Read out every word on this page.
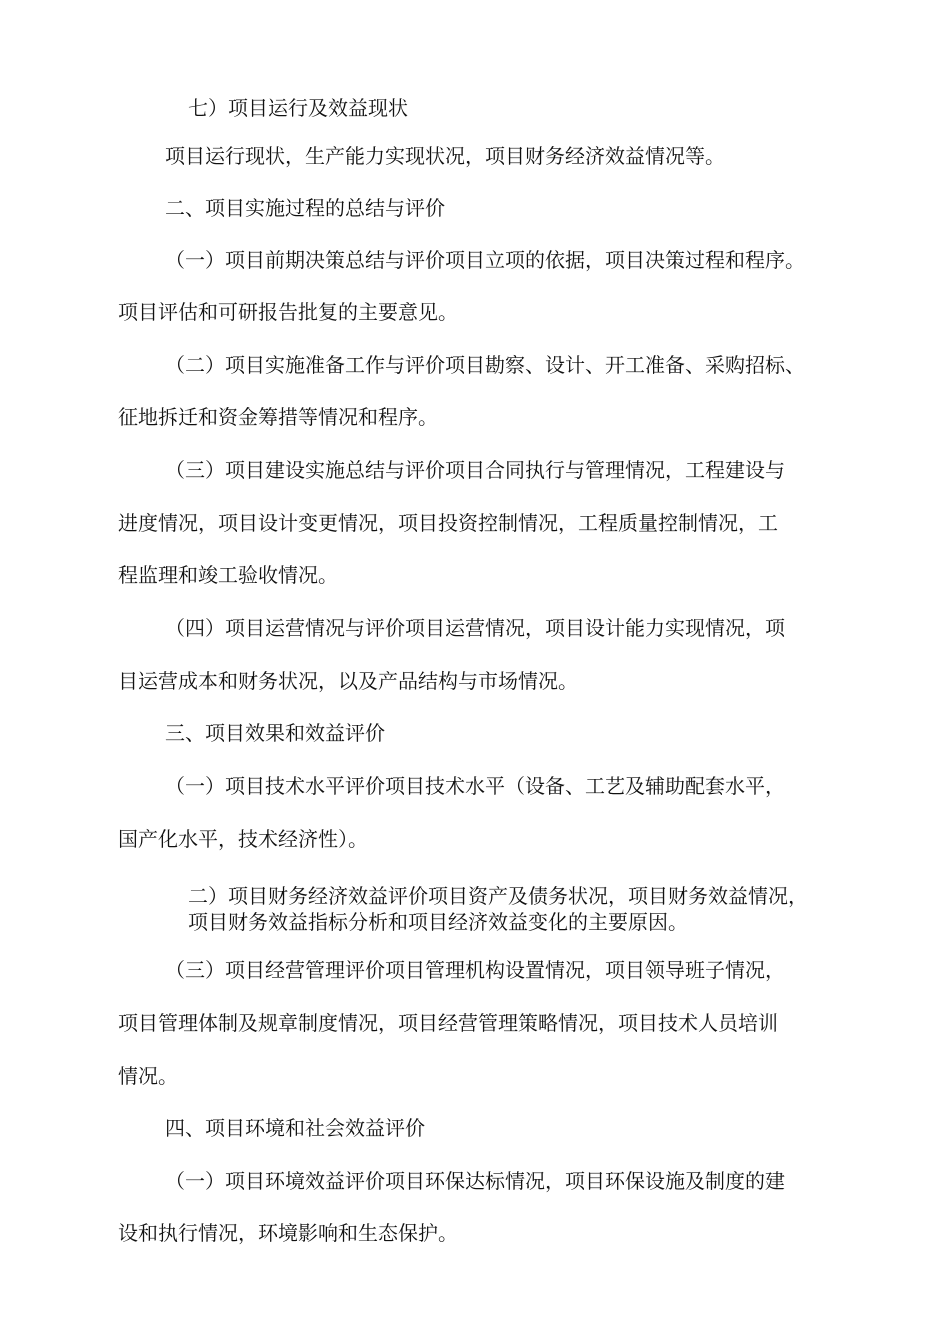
七）项目运行及效益现状
项目运行现状，生产能力实现状况，项目财务经济效益情况等。
二、项目实施过程的总结与评价
（一）项目前期决策总结与评价项目立项的依据，项目决策过程和程序。
项目评估和可研报告批复的主要意见。
（二）项目实施准备工作与评价项目勘察、设计、开工准备、采购招标、
征地拆迁和资金筹措等情况和程序。
（三）项目建设实施总结与评价项目合同执行与管理情况，工程建设与
进度情况，项目设计变更情况，项目投资控制情况，工程质量控制情况，工
程监理和竣工验收情况。
（四）项目运营情况与评价项目运营情况，项目设计能力实现情况，项
目运营成本和财务状况，以及产品结构与市场情况。
三、项目效果和效益评价
（一）项目技术水平评价项目技术水平（设备、工艺及辅助配套水平，
国产化水平，技术经济性）。
二）项目财务经济效益评价项目资产及债务状况，项目财务效益情况，
项目财务效益指标分析和项目经济效益变化的主要原因。
（三）项目经营管理评价项目管理机构设置情况，项目领导班子情况，
项目管理体制及规章制度情况，项目经营管理策略情况，项目技术人员培训
情况。
四、项目环境和社会效益评价
（一）项目环境效益评价项目环保达标情况，项目环保设施及制度的建
设和执行情况，环境影响和生态保护。
